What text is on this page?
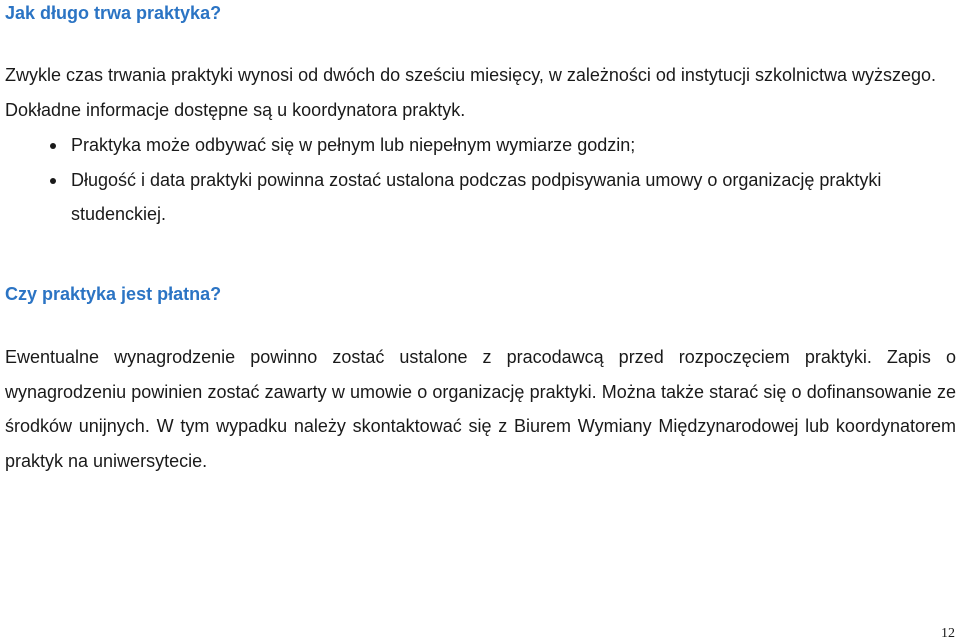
Jak długo trwa praktyka?

Zwykle czas trwania praktyki wynosi od dwóch do sześciu miesięcy, w zależności od instytucji szkolnictwa wyższego. Dokładne informacje dostępne są u koordynatora praktyk.

Praktyka może odbywać się w pełnym lub niepełnym wymiarze godzin;
Długość i data praktyki powinna zostać ustalona podczas podpisywania umowy o organizację praktyki studenckiej.
Czy praktyka jest płatna?

Ewentualne wynagrodzenie powinno zostać ustalone z pracodawcą przed rozpoczęciem praktyki. Zapis o wynagrodzeniu powinien zostać zawarty w umowie o organizację praktyki. Można także starać się o dofinansowanie ze środków unijnych. W tym wypadku należy skontaktować się z Biurem Wymiany Międzynarodowej lub koordynatorem praktyk na uniwersytecie.

12
